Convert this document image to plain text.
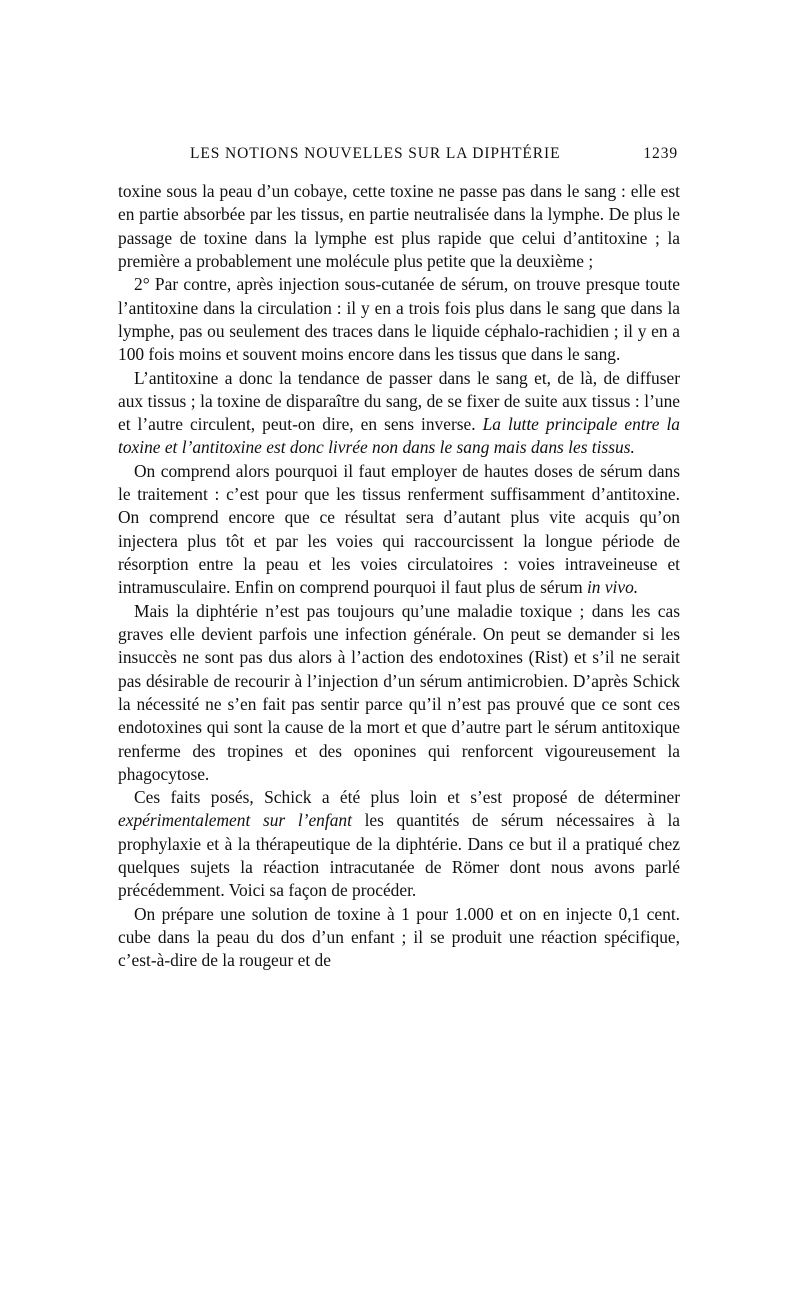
LES NOTIONS NOUVELLES SUR LA DIPHTÉRIE	1239

toxine sous la peau d’un cobaye, cette toxine ne passe pas dans le sang : elle est en partie absorbée par les tissus, en partie neutralisée dans la lymphe. De plus le passage de toxine dans la lymphe est plus rapide que celui d’antitoxine ; la première a probablement une molécule plus petite que la deuxième ;

2° Par contre, après injection sous-cutanée de sérum, on trouve presque toute l’antitoxine dans la circulation : il y en a trois fois plus dans le sang que dans la lymphe, pas ou seulement des traces dans le liquide céphalo-rachidien ; il y en a 100 fois moins et souvent moins encore dans les tissus que dans le sang.

L’antitoxine a donc la tendance de passer dans le sang et, de là, de diffuser aux tissus ; la toxine de disparaître du sang, de se fixer de suite aux tissus : l’une et l’autre circulent, peut-on dire, en sens inverse. La lutte principale entre la toxine et l’antitoxine est donc livrée non dans le sang mais dans les tissus.

On comprend alors pourquoi il faut employer de hautes doses de sérum dans le traitement : c’est pour que les tissus renferment suffisamment d’antitoxine. On comprend encore que ce résultat sera d’autant plus vite acquis qu’on injectera plus tôt et par les voies qui raccourcissent la longue période de résorption entre la peau et les voies circulatoires : voies intraveineuse et intramusculaire. Enfin on comprend pourquoi il faut plus de sérum in vivo.

Mais la diphtérie n’est pas toujours qu’une maladie toxique ; dans les cas graves elle devient parfois une infection générale. On peut se demander si les insuccès ne sont pas dus alors à l’action des endotoxines (Rist) et s’il ne serait pas désirable de recourir à l’injection d’un sérum antimicrobien. D’après Schick la nécessité ne s’en fait pas sentir parce qu’il n’est pas prouvé que ce sont ces endotoxines qui sont la cause de la mort et que d’autre part le sérum antitoxique renferme des tropines et des oponines qui renforcent vigoureusement la phagocytose.

Ces faits posés, Schick a été plus loin et s’est proposé de déterminer expérimentalement sur l’enfant les quantités de sérum nécessaires à la prophylaxie et à la thérapeutique de la diphtérie. Dans ce but il a pratiqué chez quelques sujets la réaction intracutanée de Römer dont nous avons parlé précédemment. Voici sa façon de procéder.

On prépare une solution de toxine à 1 pour 1.000 et on en injecte 0,1 cent. cube dans la peau du dos d’un enfant ; il se produit une réaction spécifique, c’est-à-dire de la rougeur et de
